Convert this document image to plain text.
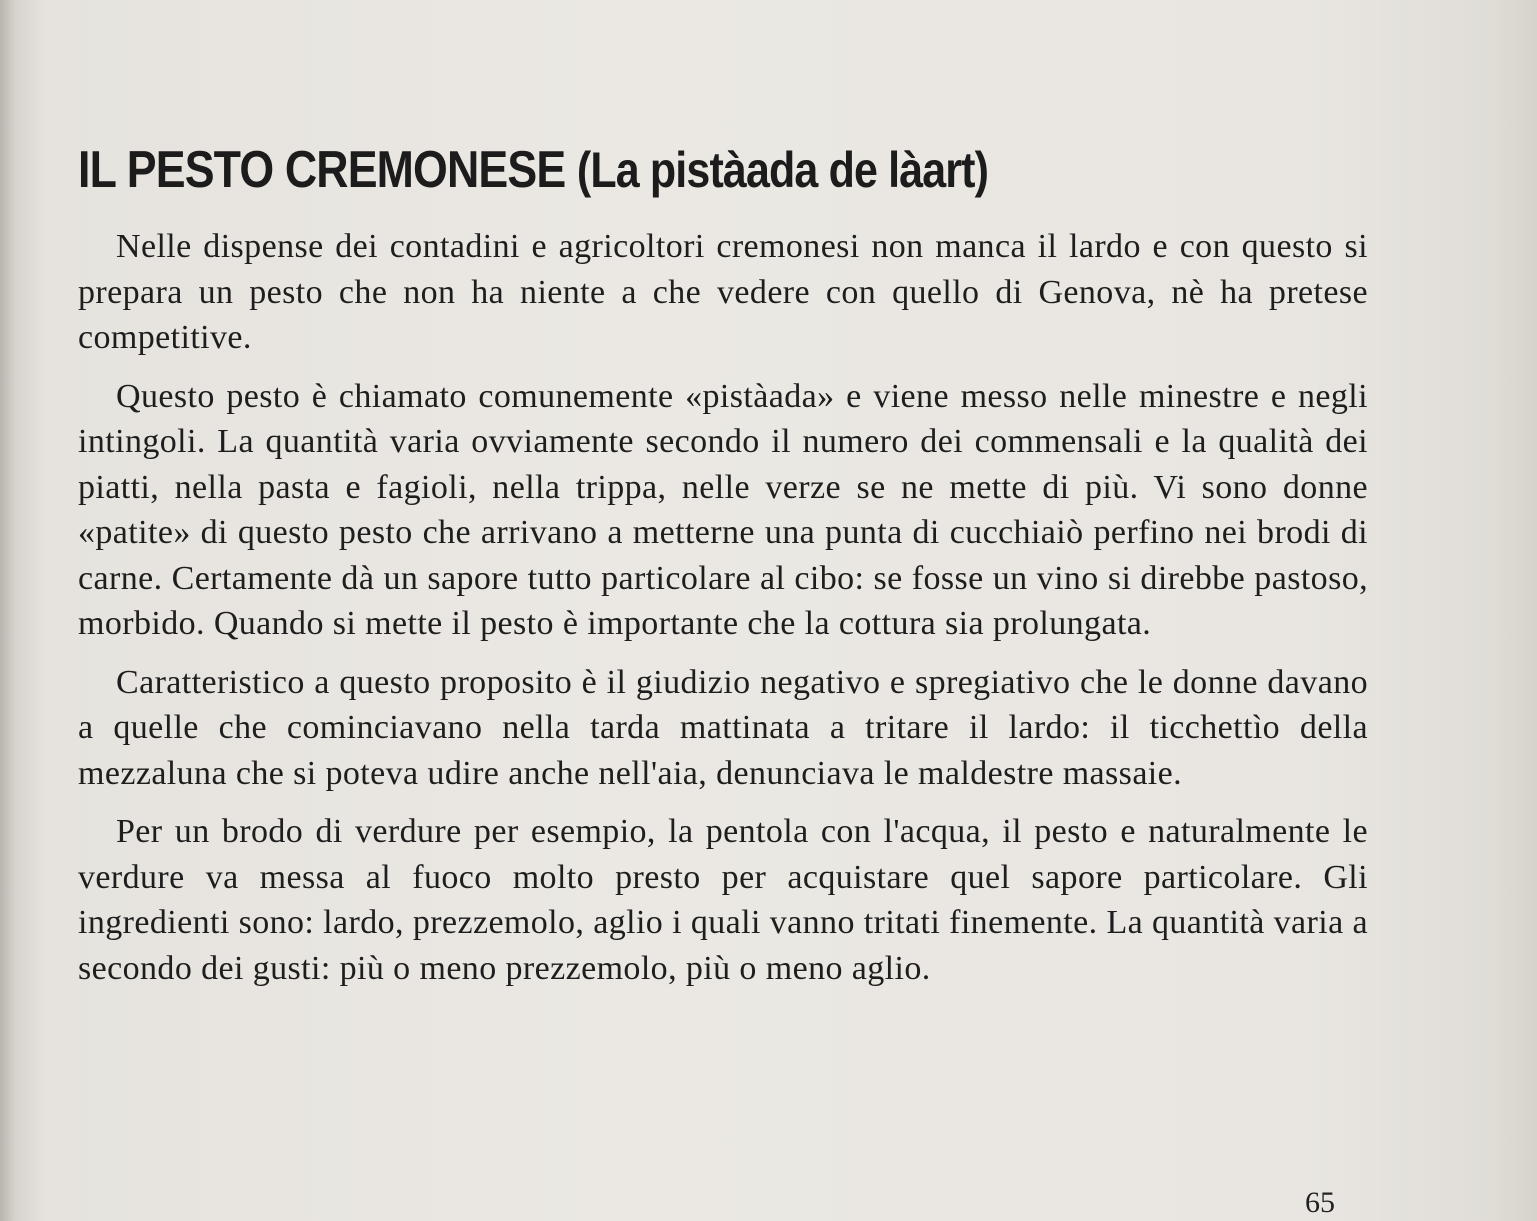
IL PESTO CREMONESE (La pistàada de làart)

Nelle dispense dei contadini e agricoltori cremonesi non manca il lardo e con questo si prepara un pesto che non ha niente a che vedere con quello di Genova, nè ha pretese competitive.

Questo pesto è chiamato comunemente «pistàada» e viene messo nelle minestre e negli intingoli. La quantità varia ovviamente secondo il numero dei commensali e la qualità dei piatti, nella pasta e fagioli, nella trippa, nelle verze se ne mette di più. Vi sono donne «patite» di questo pesto che arrivano a metterne una punta di cucchiaiò perfino nei brodi di carne. Certamente dà un sapore tutto particolare al cibo: se fosse un vino si direbbe pastoso, morbido. Quando si mette il pesto è importante che la cottura sia prolungata.

Caratteristico a questo proposito è il giudizio negativo e spregiativo che le donne davano a quelle che cominciavano nella tarda mattinata a tritare il lardo: il ticchettìo della mezzaluna che si poteva udire anche nell'aia, denunciava le maldestre massaie.

Per un brodo di verdure per esempio, la pentola con l'acqua, il pesto e naturalmente le verdure va messa al fuoco molto presto per acquistare quel sapore particolare. Gli ingredienti sono: lardo, prezzemolo, aglio i quali vanno tritati finemente. La quantità varia a secondo dei gusti: più o meno prezzemolo, più o meno aglio.

65
